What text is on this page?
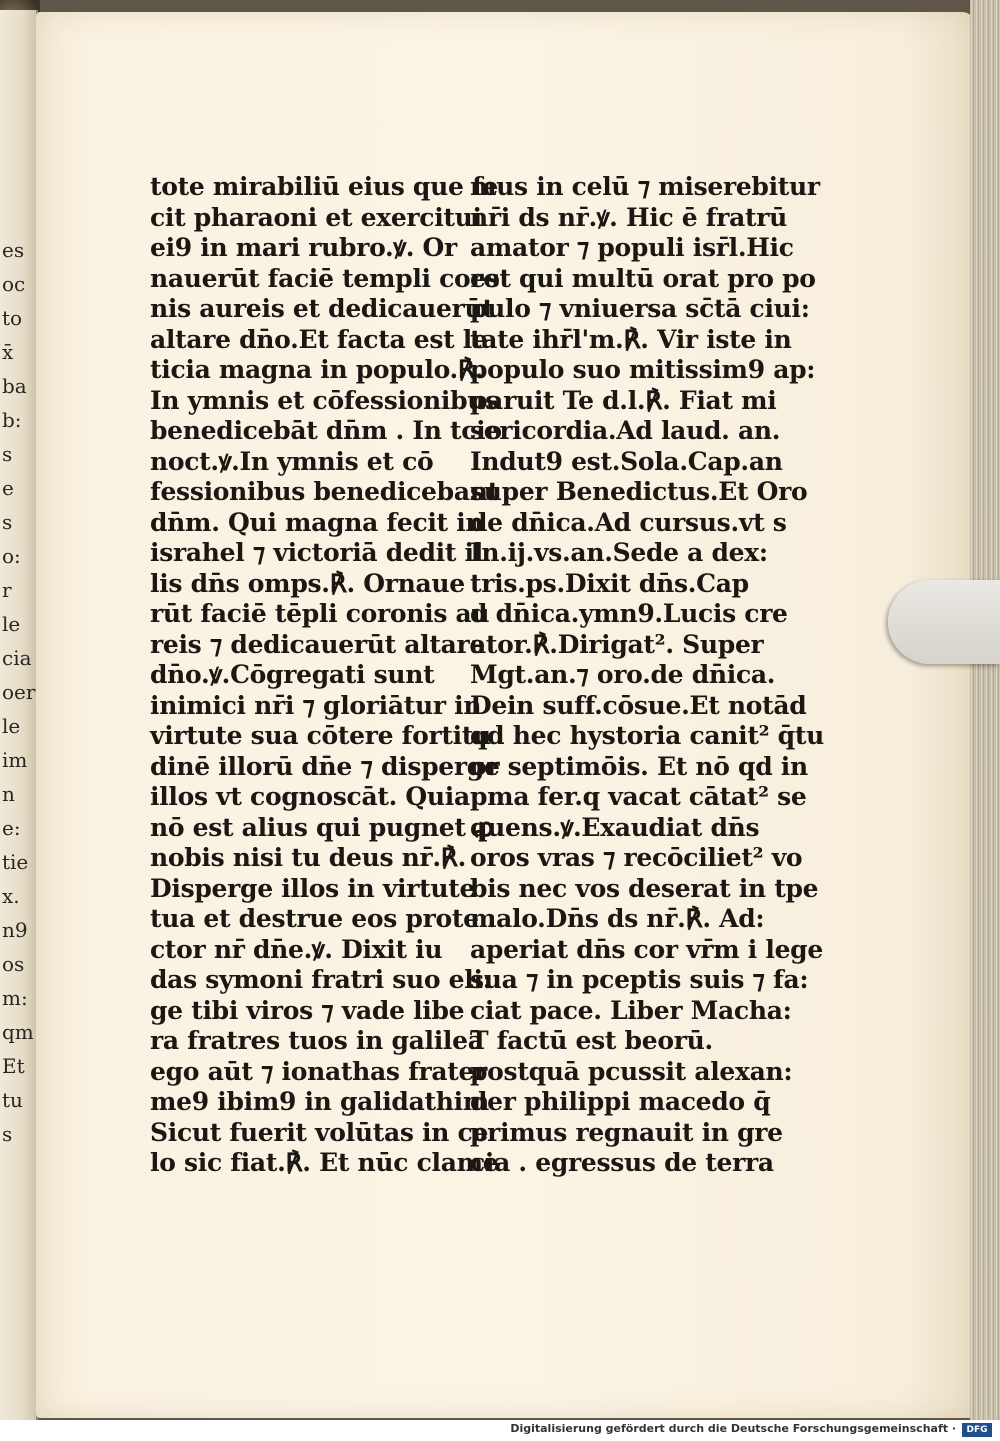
es
oc
to
x̄
ba
b:
s
e
s
o:
r
le
cia
oer
le
im
n
e:
tie
x.
n9
os
m:
qm
Et
tu
s
tote mirabiliū eius que fe
cit pharaoni et exercitui
ei9 in mari rubro.ꝟ. Or
nauerūt faciē templi coro
nis aureis et dedicauerūt
altare dn̄o.Et facta est le
ticia magna in populo.℟.
In ymnis et cōfessionibus
benedicebāt dn̄m . In tcio
noct.ꝟ.In ymnis et cō
fessionibus benedicebant
dn̄m. Qui magna fecit in
israhel ⁊ victoriā dedit il
lis dn̄s omps.℟. Ornaue
rūt faciē tēpli coronis au
reis ⁊ dedicauerūt altare
dn̄o.ꝟ.Cōgregati sunt
inimici nr̄i ⁊ gloriātur in
virtute sua cōtere fortitu
dinē illorū dn̄e ⁊ disperge
illos vt cognoscāt. Quia
nō est alius qui pugnet ꝓ
nobis nisi tu deus nr̄.℟.
Disperge illos in virtute
tua et destrue eos prote :
ctor nr̄ dn̄e.ꝟ. Dixit iu
das symoni fratri suo eli:
ge tibi viros ⁊ vade libe
ra fratres tuos in galileā
ego aūt ⁊ ionathas frater
me9 ibim9 in galidathim
Sicut fuerit volūtas in ce
lo sic fiat.℟. Et nūc clame
mus in celū ⁊ miserebitur
nr̄i ds nr̄.ꝟ. Hic ē fratrū
amator ⁊ populi isr̄l.Hic
est qui multū orat pro po
pulo ⁊ vniuersa sc̄tā ciui:
tate ihr̄l'm.℟. Vir iste in
populo suo mitissim9 ap:
paruit Te d.l.℟. Fiat mi
sericordia.Ad laud. an.
Indut9 est.Sola.Cap.an
super Benedictus.Et Oro
de dn̄ica.Ad cursus.vt s
In.ij.vs.an.Sede a dex:
tris.ps.Dixit dn̄s.Cap
d dn̄ica.ymn9.Lucis cre
ator.℟.Dirigat². Super
Mgt.an.⁊ oro.de dn̄ica.
Dein suff.cōsue.Et notād
qd hec hystoria canit² q̄tu
or septimōis. Et nō qd in
pma fer.q vacat cātat² se
quens.ꝟ.Exaudiat dn̄s
oros vras ⁊ recōciliet² vo
bis nec vos deserat in tpe
malo.Dn̄s ds nr̄.℟. Ad:
aperiat dn̄s cor vr̄m i lege
sua ⁊ in pceptis suis ⁊ fa:
ciat pace. Liber Macha:
T factū est beorū.
postquā pcussit alexan:
der philippi macedo q̄
primus regnauit in gre
cia . egressus de terra
Digitalisierung gefördert durch die Deutsche Forschungsgemeinschaft ·	DFG
